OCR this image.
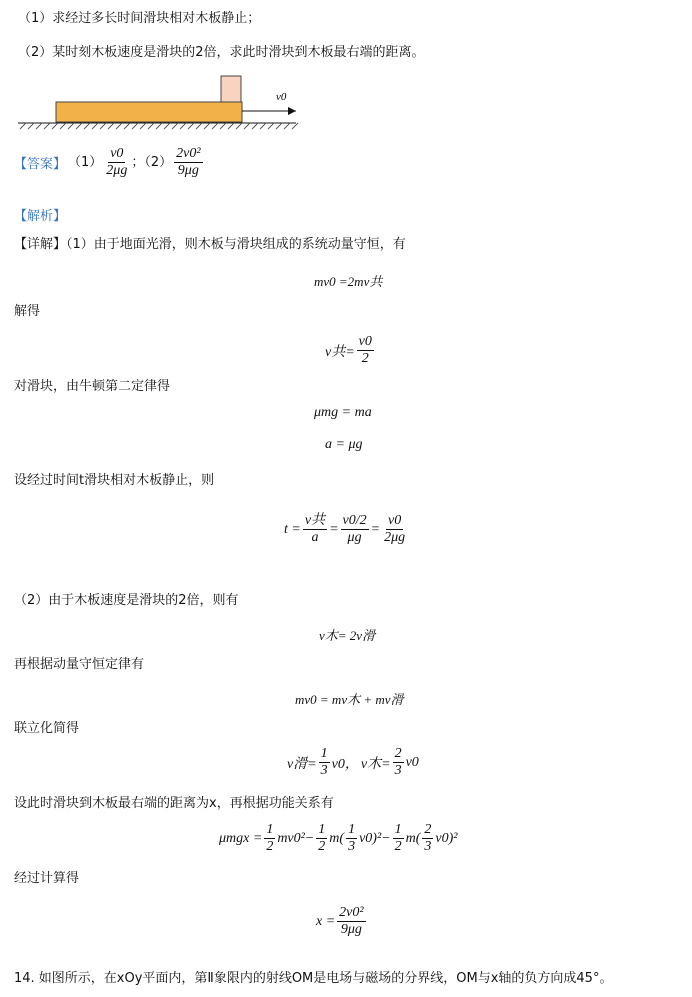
（1）求经过多长时间滑块相对木板静止；
（2）某时刻木板速度是滑块的2倍，求此时滑块到木板最右端的距离。
v0
【答案】 $(1) \frac{v0}{2\mu g}$ ；$(2) \frac{\text{2v0²}}{9\mu g}$
【解析】
【详解】（1）由于地面光滑，则木板与滑块组成的系统动量守恒，有
mv0 =2mv共
解得
v共= $\frac{v0}{2}$
对滑块，由牛顿第二定律得
μmg = ma
a = μg
设经过时间t滑块相对木板静止，则
$t = \frac{\text{v共}}{a} = \frac{v0/2}{\mu g} = \frac{v0}{2\mu g}$
（2）由于木板速度是滑块的2倍，则有
v木= 2v滑
再根据动量守恒定律有
mv0 = mv木 + mv滑
联立化简得
v滑= $\frac{1}{3} v0$， v木= $\frac{2}{3} v0$
设此时滑块到木板最右端的距离为x，再根据功能关系有
$\mu mgx = \frac{1}{2} mv0^2- \frac{1}{2} m( \frac{1}{3} v0)^2- \frac{1}{2} m( \frac{2}{3} v0)^2$
经过计算得
$x = \frac{\text{2v0²}}{9\mu g}$
14. 如图所示，在xOy平面内，第Ⅱ象限内的射线OM是电场与磁场的分界线，OM与x轴的负方向成45°。
